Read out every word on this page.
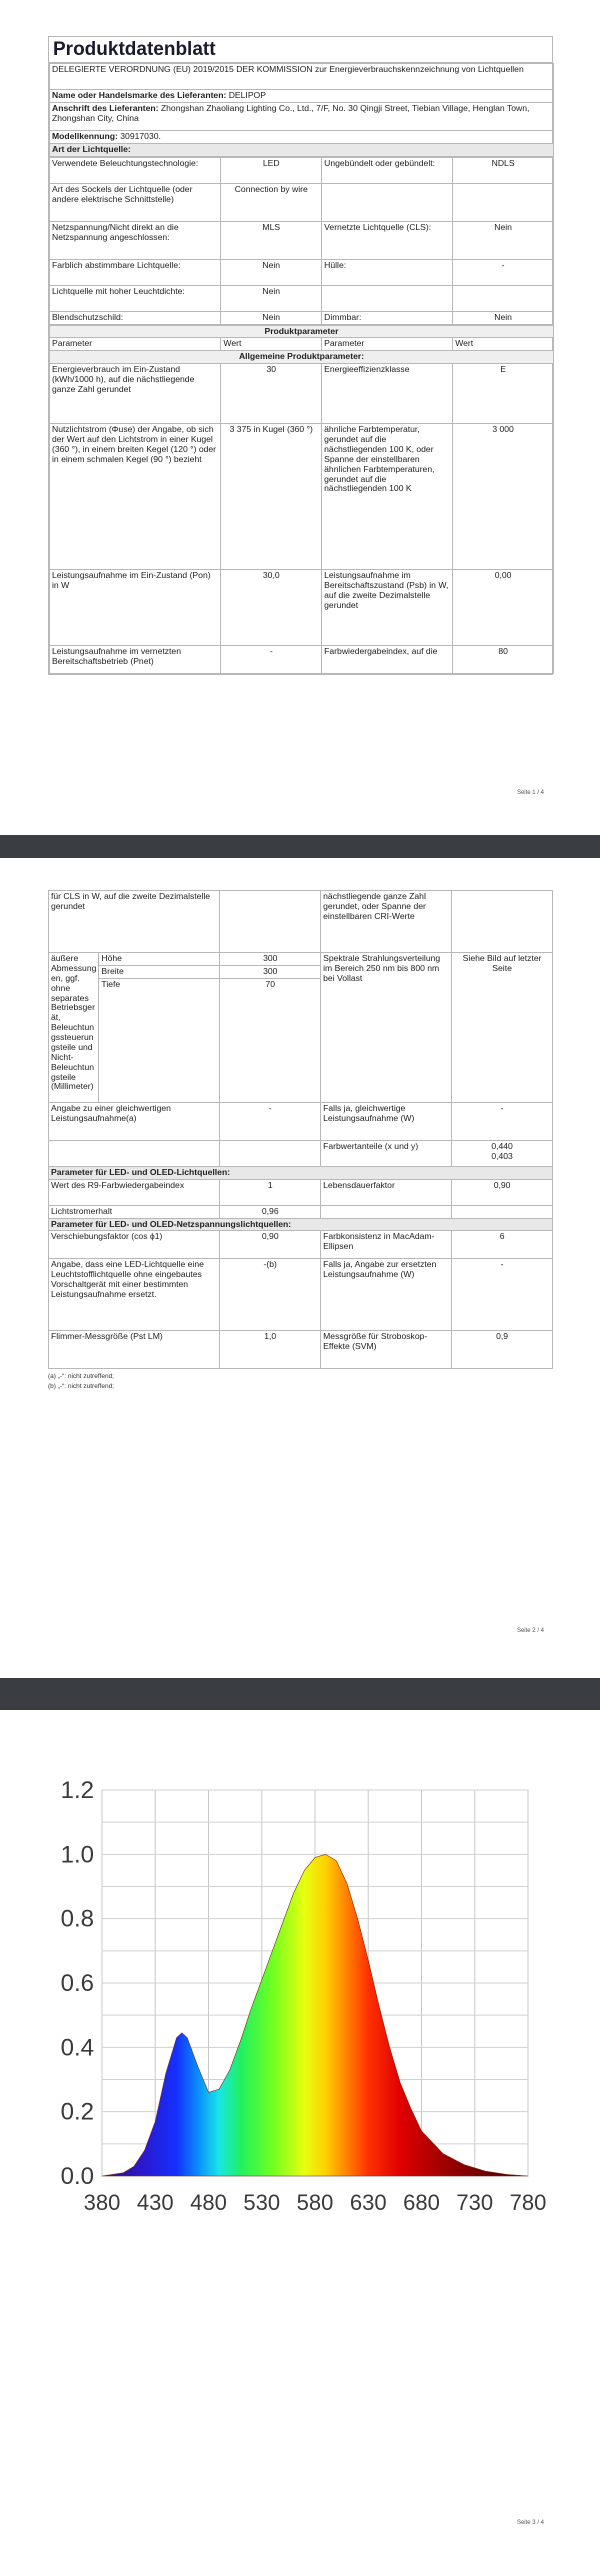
Produktdatenblatt
DELEGIERTE VERORDNUNG (EU) 2019/2015 DER KOMMISSION zur Energieverbrauchskennzeichnung von Lichtquellen
Name oder Handelsmarke des Lieferanten: DELIPOP
Anschrift des Lieferanten: Zhongshan Zhaoliang Lighting Co., Ltd., 7/F, No. 30 Qingji Street, Tiebian Village, Henglan Town, Zhongshan City, China
Modellkennung: 30917030.
Art der Lichtquelle:
Verwendete Beleuchtungstechnologie:	LED	Ungebündelt oder gebündelt:	NDLS
Art des Sockels der Lichtquelle (oder andere elektrische Schnittstelle)	Connection by wire		
Netzspannung/Nicht direkt an die Netzspannung angeschlossen:	MLS	Vernetzte Lichtquelle (CLS):	Nein
Farblich abstimmbare Lichtquelle:	Nein	Hülle:	-
Lichtquelle mit hoher Leuchtdichte:	Nein		
Blendschutzschild:	Nein	Dimmbar:	Nein
Produktparameter			
Parameter	Wert	Parameter	Wert
Allgemeine Produktparameter:			
Energieverbrauch im Ein-Zustand (kWh/1000 h), auf die nächstliegende ganze Zahl gerundet	30	Energieeffizienzklasse	E
Nutzlichtstrom (Φuse) der Angabe, ob sich der Wert auf den Lichtstrom in einer Kugel (360 °), in einem breiten Kegel (120 °) oder in einem schmalen Kegel (90 °) bezieht	3 375 in Kugel (360 °)	ähnliche Farbtemperatur, gerundet auf die nächstliegenden 100 K, oder Spanne der einstellbaren ähnlichen Farbtemperaturen, gerundet auf die nächstliegenden 100 K	3 000
Leistungsaufnahme im Ein-Zustand (Pon) in W	30,0	Leistungsaufnahme im Bereitschaftszustand (Psb) in W, auf die zweite Dezimalstelle gerundet	0,00
Leistungsaufnahme im vernetzten Bereitschaftsbetrieb (Pnet)	-	Farbwiedergabeindex, auf die	80
Seite 1 / 4
für CLS in W, auf die zweite Dezimalstelle gerundet			nächstliegende ganze Zahl gerundet, oder Spanne der einstellbaren CRI-Werte	
äußere Abmessungen, ggf. ohne separates Betriebsgerät, Beleuchtungssteuerungsteile und Nicht-Beleuchtungsteile (Millimeter)	Höhe	300	Spektrale Strahlungsverteilung im Bereich 250 nm bis 800 nm bei Vollast	Siehe Bild auf letzter Seite
	Breite	300		
	Tiefe	70		
Angabe zu einer gleichwertigen Leistungsaufnahme(a)		-	Falls ja, gleichwertige Leistungsaufnahme (W)	-
			Farbwertanteile (x und y)	0,440
0,403
Parameter für LED- und OLED-Lichtquellen:				
Wert des R9-Farbwiedergabeindex		1	Lebensdauerfaktor	0,90
Lichtstromerhalt		0,96		
Parameter für LED- und OLED-Netzspannungslichtquellen:				
Verschiebungsfaktor (cos ϕ1)		0,90	Farbkonsistenz in MacAdam-Ellipsen	6
Angabe, dass eine LED-Lichtquelle eine Leuchtstofflichtquelle ohne eingebautes Vorschaltgerät mit einer bestimmten Leistungsaufnahme ersetzt.		-(b)	Falls ja, Angabe zur ersetzten Leistungsaufnahme (W)	-
Flimmer-Messgröße (Pst LM)		1,0	Messgröße für Stroboskop-Effekte (SVM)	0,9
(a) „-“: nicht zutreffend;
(b) „-“: nicht zutreffend;
Seite 2 / 4
0.0
0.2
0.4
0.6
0.8
1.0
1.2
380 430 480 530 580 630 680 730 780
Seite 3 / 4
